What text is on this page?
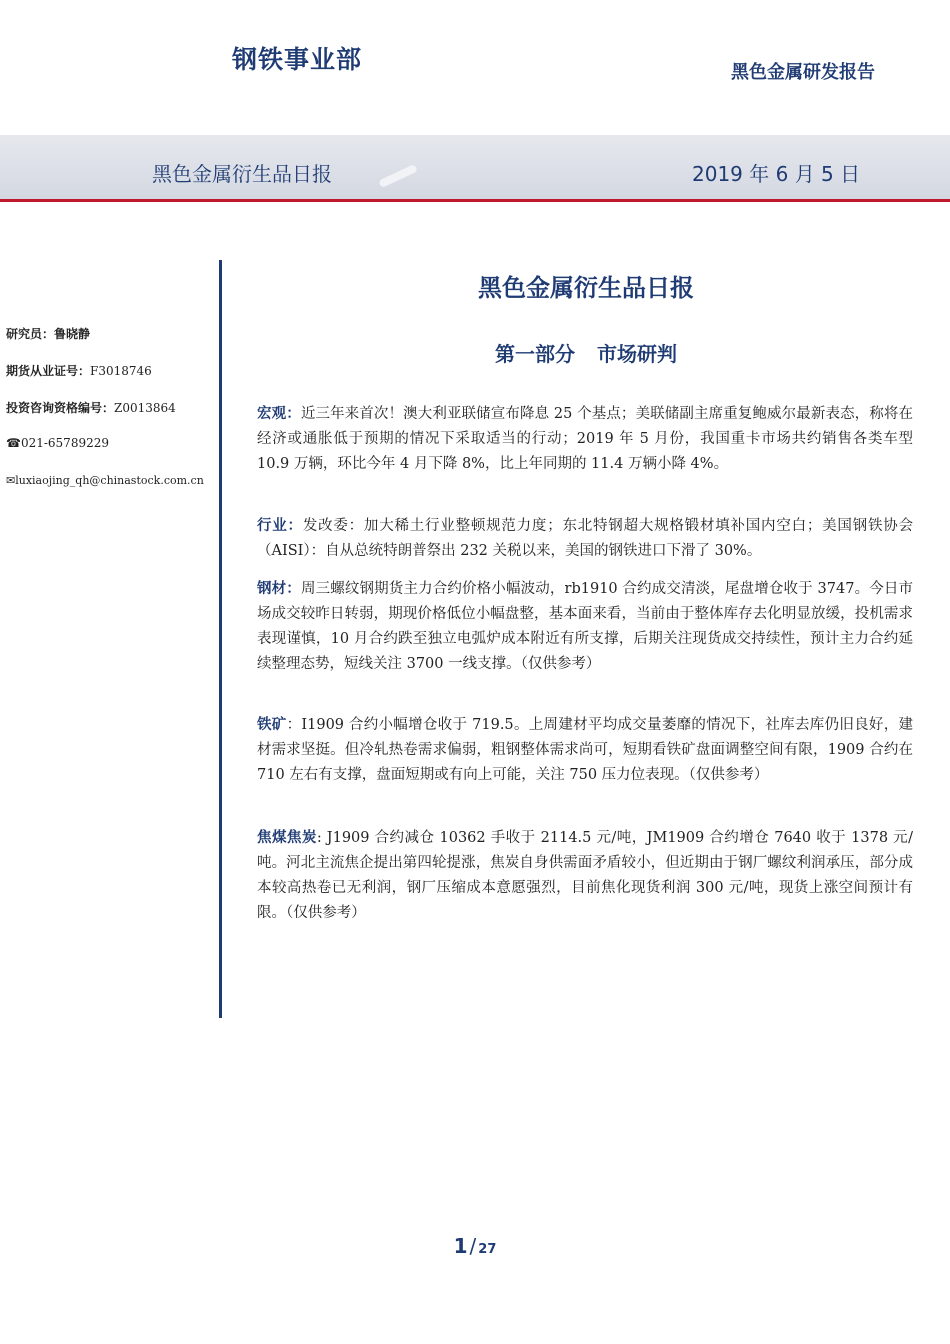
钢铁事业部	黑色金属研发报告
黑色金属衍生品日报	2019 年 6 月 5 日
研究员：鲁晓静
期货从业证号：F3018746
投资咨询资格编号：Z0013864
☎021-65789229
✉luxiaojing_qh@chinastock.com.cn
黑色金属衍生品日报
第一部分 市场研判
宏观：近三年来首次！澳大利亚联储宣布降息 25 个基点；美联储副主席重复鲍威尔最新表态，称将在经济或通胀低于预期的情况下采取适当的行动；2019 年 5 月份，我国重卡市场共约销售各类车型 10.9 万辆，环比今年 4 月下降 8%，比上年同期的 11.4 万辆小降 4%。
行业：发改委：加大稀土行业整顿规范力度；东北特钢超大规格锻材填补国内空白；美国钢铁协会（AISI）：自从总统特朗普祭出 232 关税以来，美国的钢铁进口下滑了 30%。
钢材：周三螺纹钢期货主力合约价格小幅波动，rb1910 合约成交清淡，尾盘增仓收于 3747。今日市场成交较昨日转弱，期现价格低位小幅盘整，基本面来看，当前由于整体库存去化明显放缓，投机需求表现谨慎，10 月合约跌至独立电弧炉成本附近有所支撑，后期关注现货成交持续性，预计主力合约延续整理态势，短线关注 3700 一线支撑。（仅供参考）
铁矿：I1909 合约小幅增仓收于 719.5。上周建材平均成交量萎靡的情况下，社库去库仍旧良好，建材需求坚挺。但冷轧热卷需求偏弱，粗钢整体需求尚可，短期看铁矿盘面调整空间有限，1909 合约在 710 左右有支撑，盘面短期或有向上可能，关注 750 压力位表现。（仅供参考）
焦煤焦炭: J1909 合约减仓 10362 手收于 2114.5 元/吨，JM1909 合约增仓 7640 收于 1378 元/吨。河北主流焦企提出第四轮提涨，焦炭自身供需面矛盾较小，但近期由于钢厂螺纹利润承压，部分成本较高热卷已无利润，钢厂压缩成本意愿强烈，目前焦化现货利润 300 元/吨，现货上涨空间预计有限。（仅供参考）
1 / 27
